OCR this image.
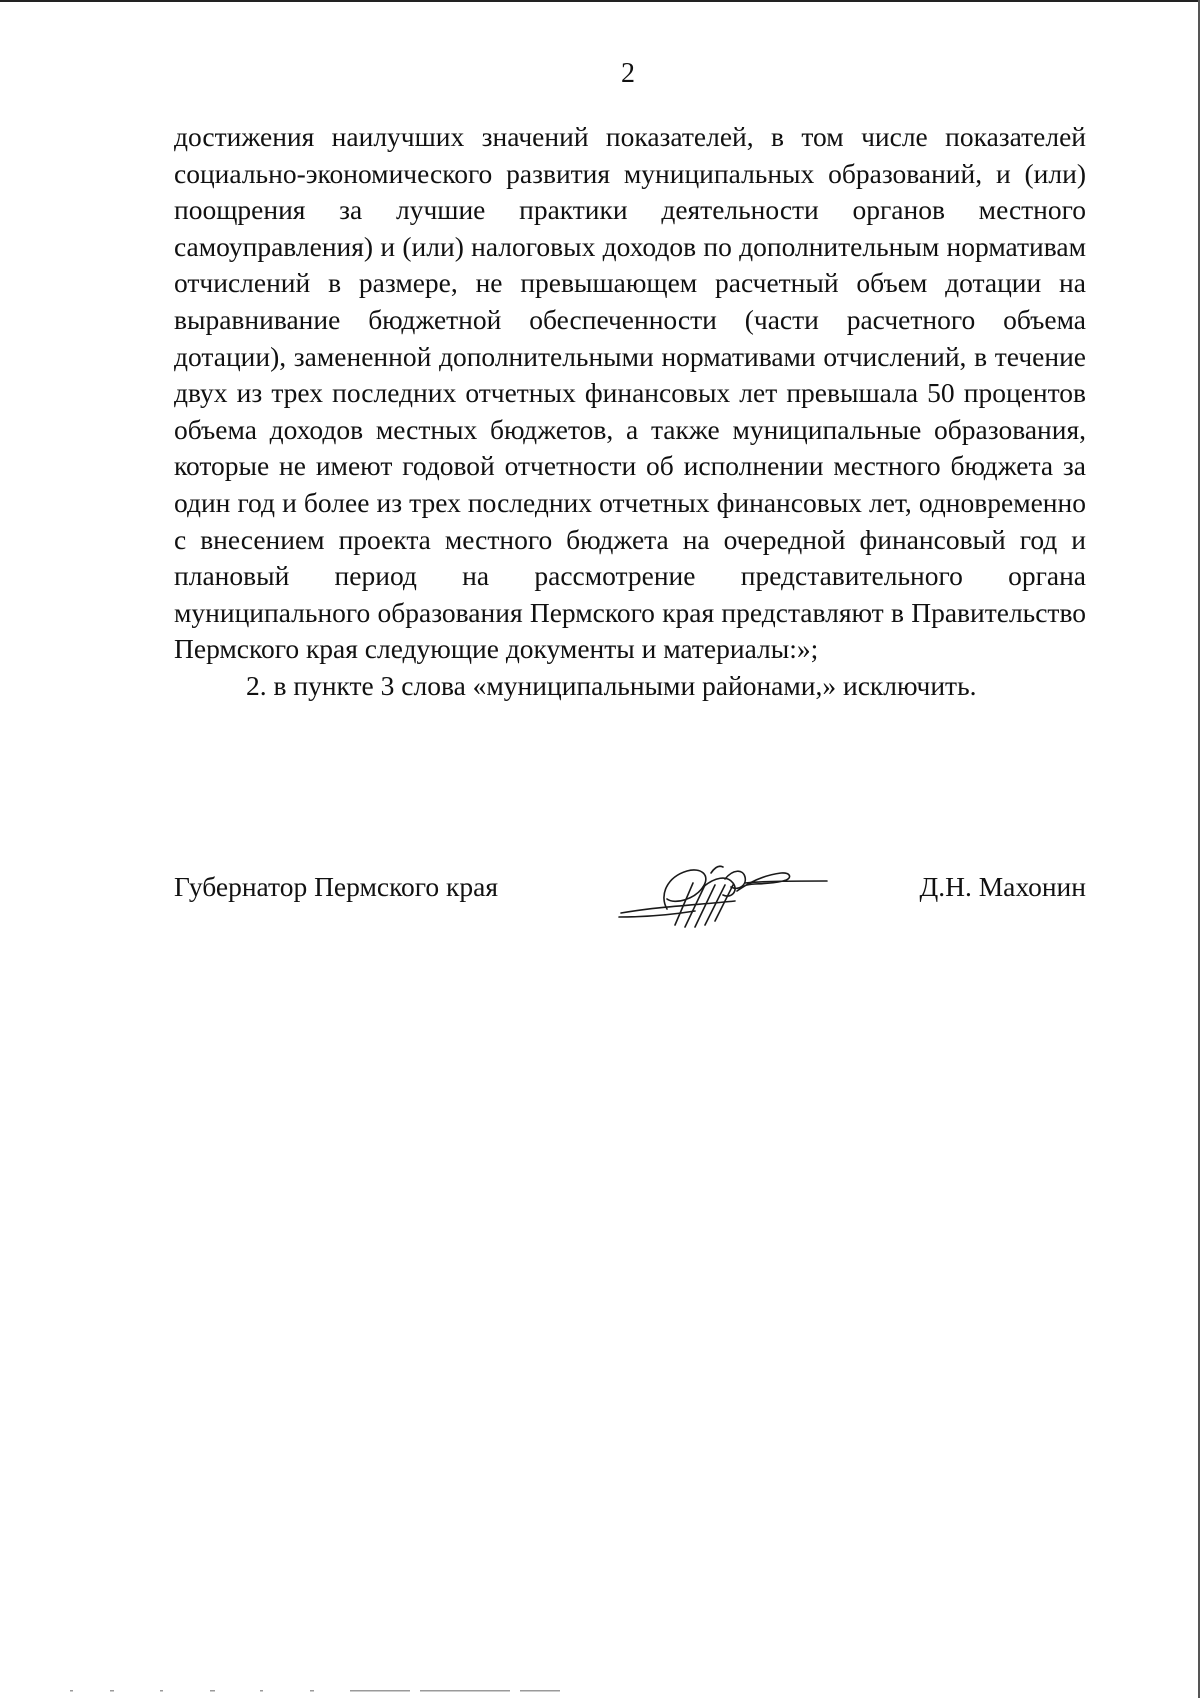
2

достижения наилучших значений показателей, в том числе показателей социально-экономического развития муниципальных образований, и (или) поощрения за лучшие практики деятельности органов местного самоуправления) и (или) налоговых доходов по дополнительным нормативам отчислений в размере, не превышающем расчетный объем дотации на выравнивание бюджетной обеспеченности (части расчетного объема дотации), замененной дополнительными нормативами отчислений, в течение двух из трех последних отчетных финансовых лет превышала 50 процентов объема доходов местных бюджетов, а также муниципальные образования, которые не имеют годовой отчетности об исполнении местного бюджета за один год и более из трех последних отчетных финансовых лет, одновременно с внесением проекта местного бюджета на очередной финансовый год и плановый период на рассмотрение представительного органа муниципального образования Пермского края представляют в Правительство Пермского края следующие документы и материалы:»;

2. в пункте 3 слова «муниципальными районами,» исключить.

Губернатор Пермского края	Д.Н. Махонин
